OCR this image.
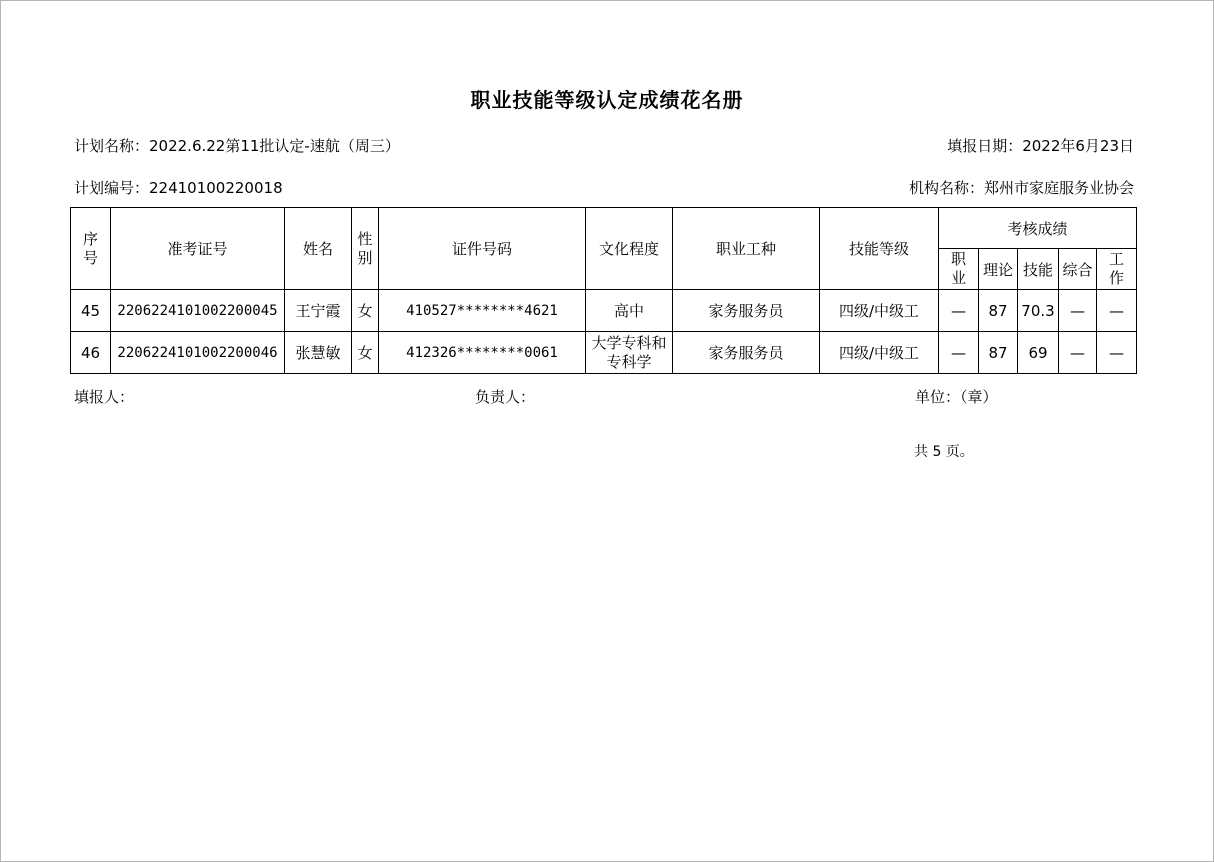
职业技能等级认定成绩花名册
计划名称：2022.6.22第11批认定-速航（周三）	填报日期：2022年6月23日
计划编号：22410100220018	机构名称：郑州市家庭服务业协会
序号	准考证号	姓名	性别	证件号码	文化程度	职业工种	技能等级	考核成绩				
								职业	理论	技能	综合	工作
45	2206224101002200045	王宁霞	女	410527********4621	高中	家务服务员	四级/中级工	—	87	70.3	—	—
46	2206224101002200046	张慧敏	女	412326********0061	大学专科和专科学	家务服务员	四级/中级工	—	87	69	—	—
填报人：	负责人：	单位：（章）
共 5 页。
